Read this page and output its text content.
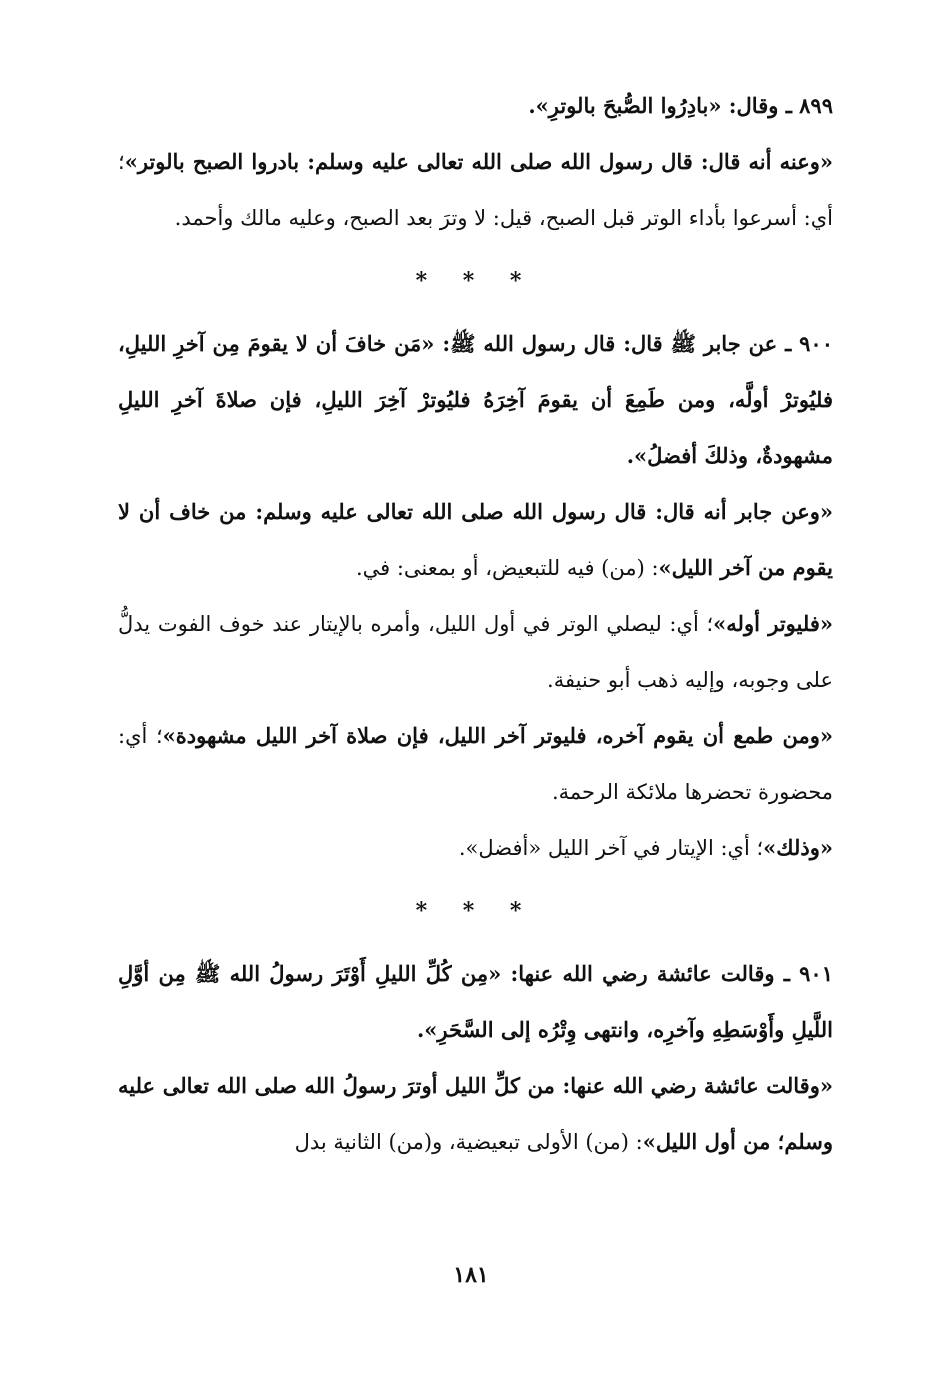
٨٩٩ ـ وقال: «بادِرُوا الصُّبحَ بالوترِ».

«وعنه أنه قال: قال رسول الله صلى الله تعالى عليه وسلم: بادروا الصبح بالوتر»؛ أي: أسرعوا بأداء الوتر قبل الصبح، قيل: لا وترَ بعد الصبح، وعليه مالك وأحمد.

* * *

٩٠٠ ـ عن جابر ﷺ قال: قال رسول الله ﷺ: «مَن خافَ أن لا يقومَ مِن آخرِ الليلِ، فليُوترْ أولَّه، ومن طَمِعَ أن يقومَ آخِرَهُ فليُوترْ آخِرَ الليلِ، فإن صلاةَ آخرِ الليلِ مشهودةٌ، وذلكَ أفضلُ».

«وعن جابر أنه قال: قال رسول الله صلى الله تعالى عليه وسلم: من خاف أن لا يقوم من آخر الليل»: (من) فيه للتبعيض، أو بمعنى: في.

«فليوتر أوله»؛ أي: ليصلي الوتر في أول الليل، وأمره بالإيتار عند خوف الفوت يدلُّ على وجوبه، وإليه ذهب أبو حنيفة.

«ومن طمع أن يقوم آخره، فليوتر آخر الليل، فإن صلاة آخر الليل مشهودة»؛ أي: محضورة تحضرها ملائكة الرحمة.

«وذلك»؛ أي: الإيتار في آخر الليل «أفضل».

* * *

٩٠١ ـ وقالت عائشة رضي الله عنها: «مِن كُلِّ الليلِ أَوْتَرَ رسولُ الله ﷺ مِن أوَّلِ اللَّيلِ وأَوْسَطِهِ وآخرِه، وانتهى وِتْرُه إلى السَّحَرِ».

«وقالت عائشة رضي الله عنها: من كلِّ الليل أوترَ رسولُ الله صلى الله تعالى عليه وسلم؛ من أول الليل»: (من) الأولى تبعيضية، و(من) الثانية بدل

١٨١
